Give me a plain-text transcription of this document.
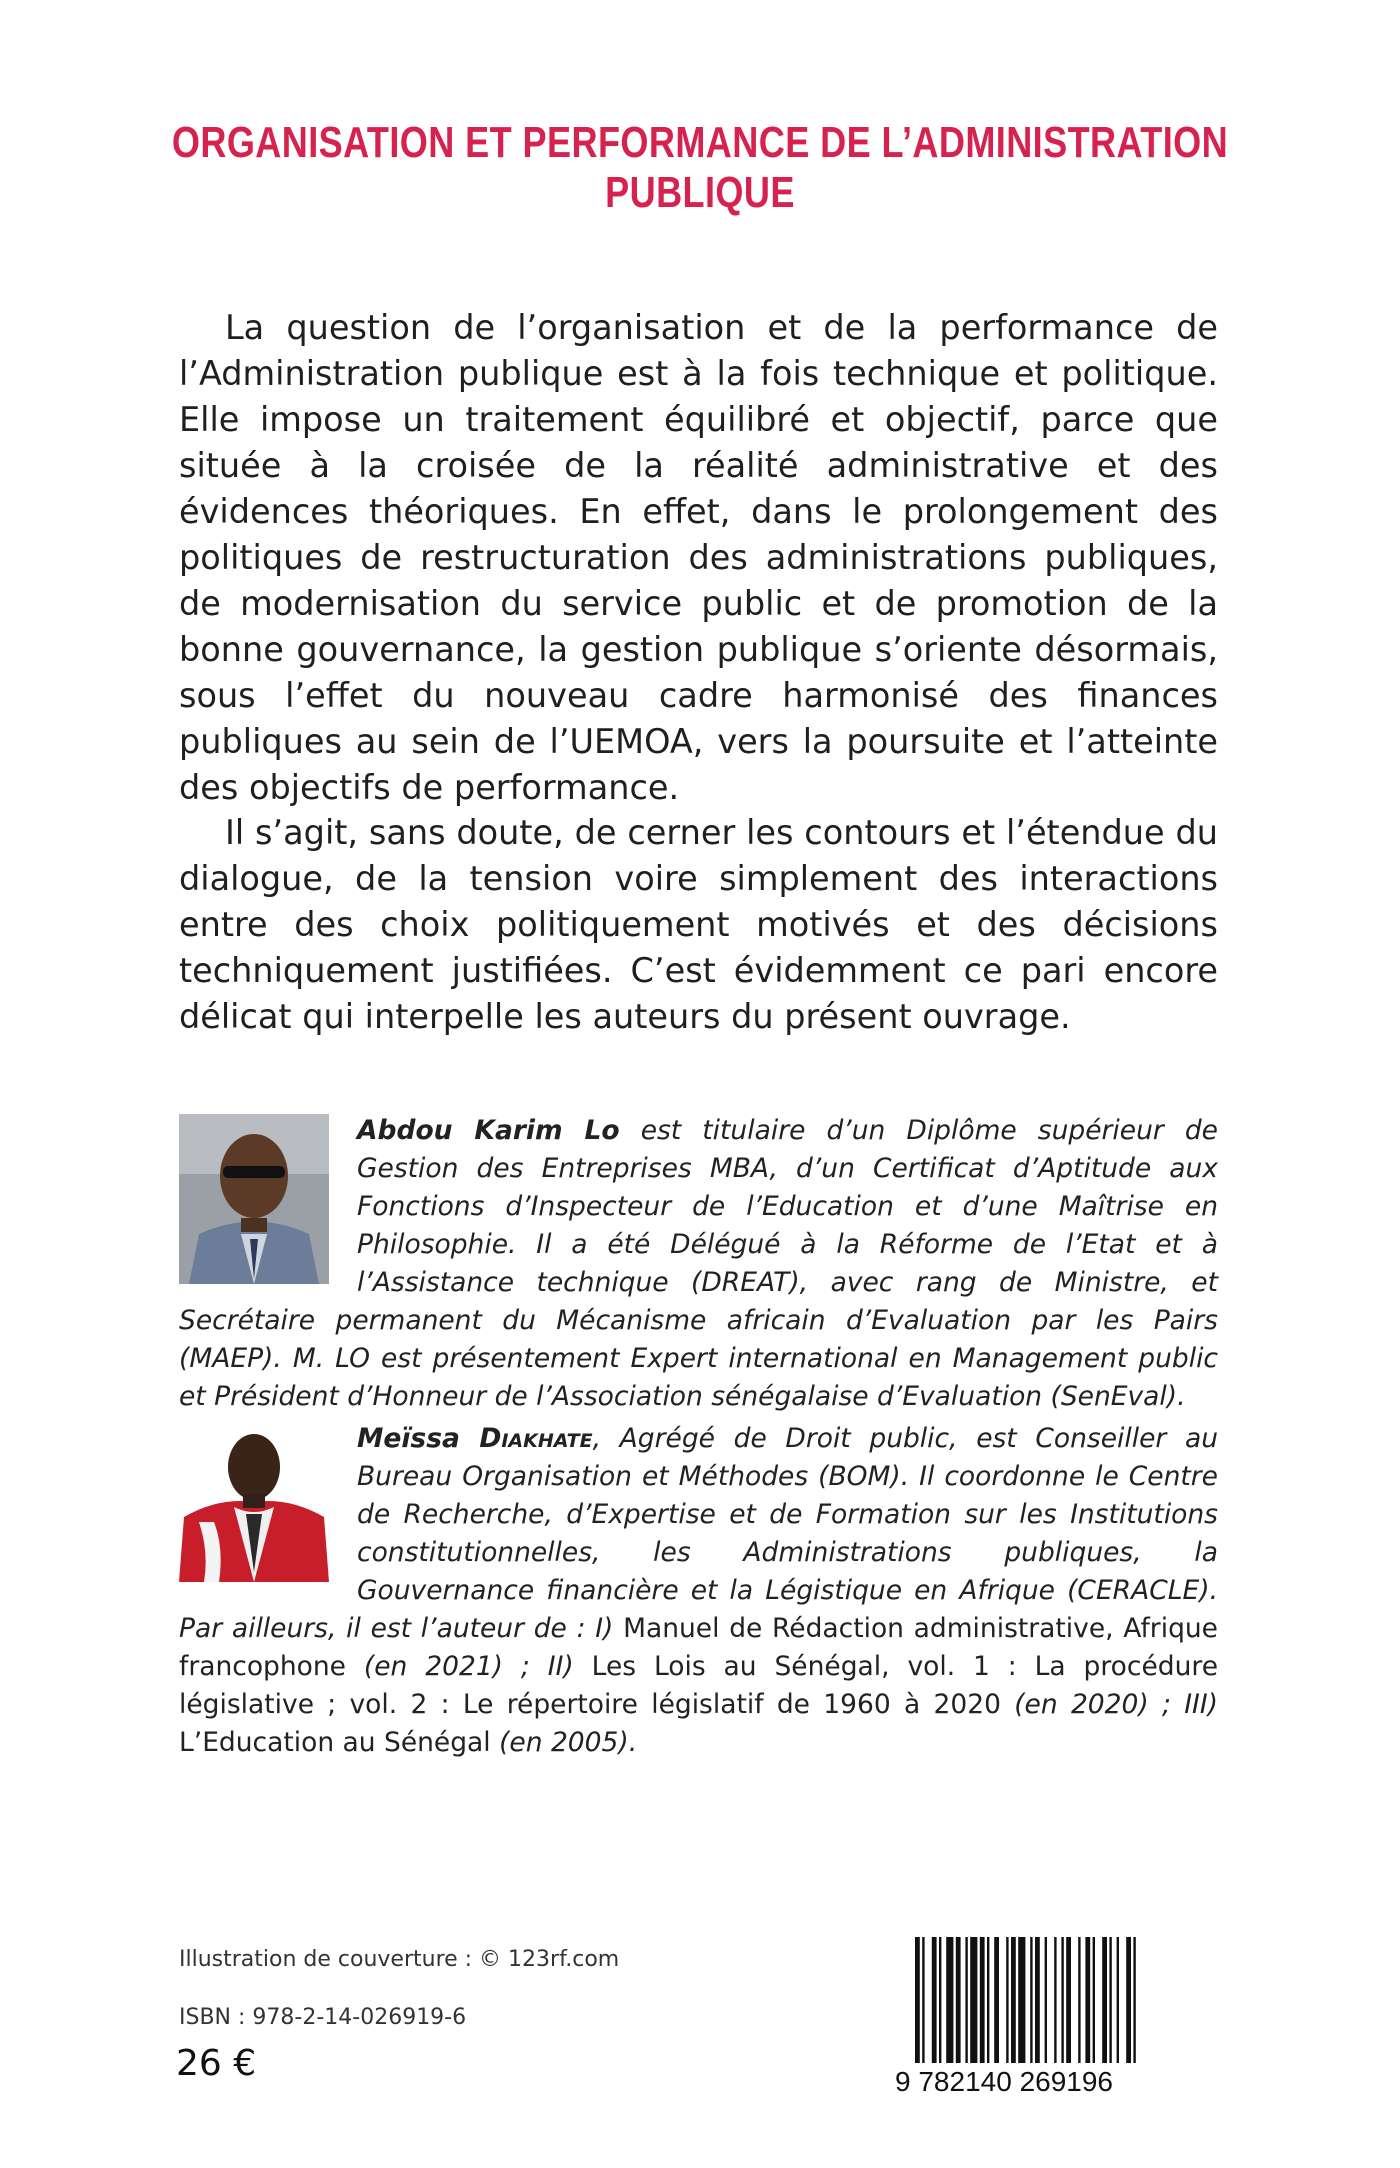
ORGANISATION ET PERFORMANCE DE L’ADMINISTRATION PUBLIQUE

La question de l’organisation et de la performance de l’Administration publique est à la fois technique et politique. Elle impose un traitement équilibré et objectif, parce que située à la croisée de la réalité administrative et des évidences théoriques. En effet, dans le prolongement des politiques de restructuration des administrations publiques, de modernisation du service public et de promotion de la bonne gouvernance, la gestion publique s’oriente désormais, sous l’effet du nouveau cadre harmonisé des finances publiques au sein de l’UEMOA, vers la poursuite et l’atteinte des objectifs de performance.

Il s’agit, sans doute, de cerner les contours et l’étendue du dialogue, de la tension voire simplement des interactions entre des choix politiquement motivés et des décisions techniquement justifiées. C’est évidemment ce pari encore délicat qui interpelle les auteurs du présent ouvrage.

Abdou Karim Lo est titulaire d’un Diplôme supérieur de Gestion des Entreprises MBA, d’un Certificat d’Aptitude aux Fonctions d’Inspecteur de l’Education et d’une Maîtrise en Philosophie. Il a été Délégué à la Réforme de l’Etat et à l’Assistance technique (DREAT), avec rang de Ministre, et Secrétaire permanent du Mécanisme africain d’Evaluation par les Pairs (MAEP). M. LO est présentement Expert international en Management public et Président d’Honneur de l’Association sénégalaise d’Evaluation (SenEval).
Meïssa Diakhate, Agrégé de Droit public, est Conseiller au Bureau Organisation et Méthodes (BOM). Il coordonne le Centre de Recherche, d’Expertise et de Formation sur les Institutions constitutionnelles, les Administrations publiques, la Gouvernance financière et la Légistique en Afrique (CERACLE). Par ailleurs, il est l’auteur de : I) Manuel de Rédaction administrative, Afrique francophone (en 2021) ; II) Les Lois au Sénégal, vol. 1 : La procédure législative ; vol. 2 : Le répertoire législatif de 1960 à 2020 (en 2020) ; III) L’Education au Sénégal (en 2005).
Illustration de couverture : © 123rf.com
ISBN : 978-2-14-026919-6
26 €	9 782140 269196
